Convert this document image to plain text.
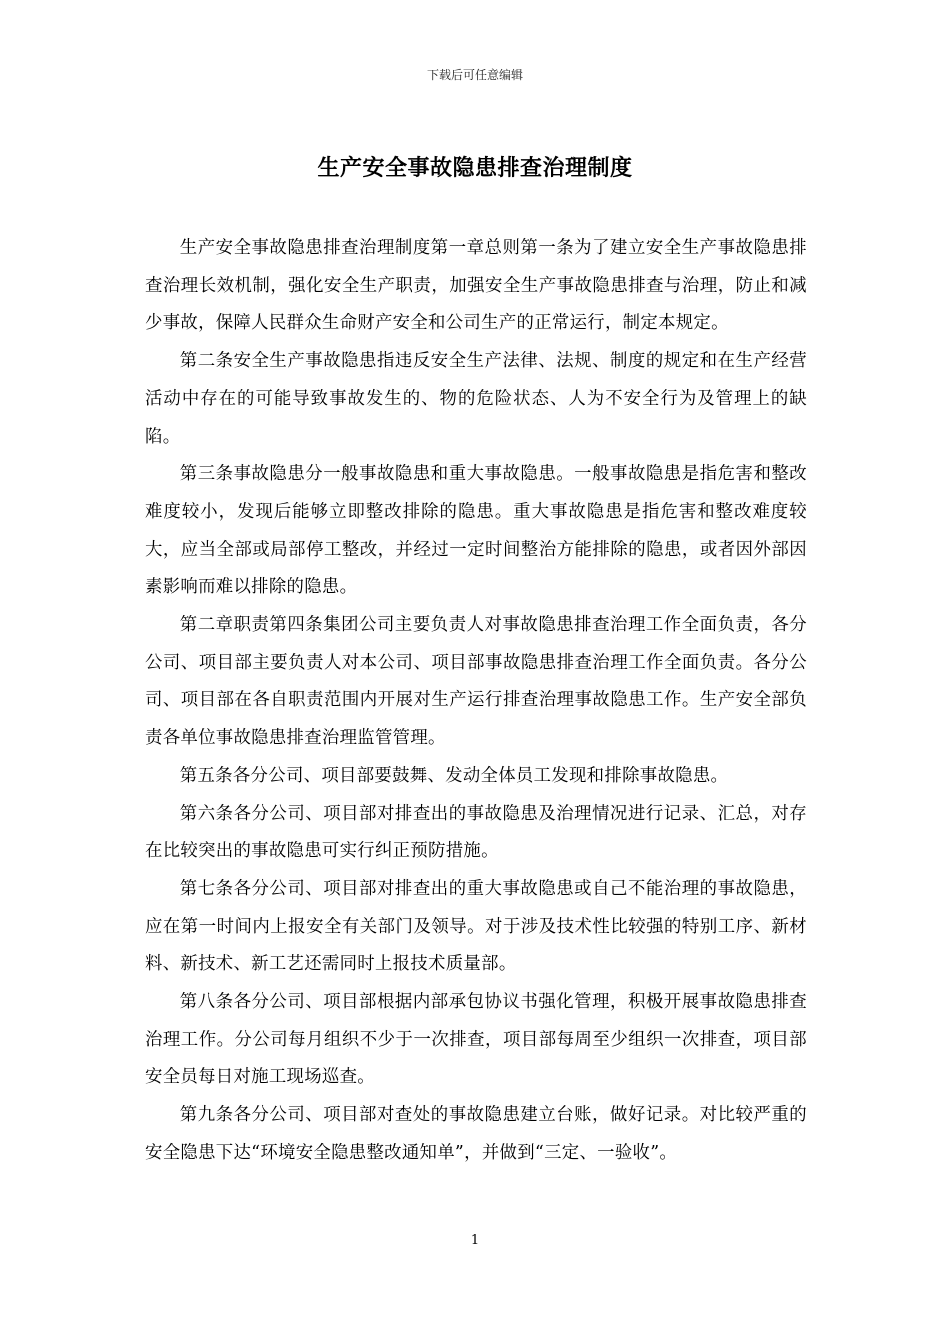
下载后可任意编辑
生产安全事故隐患排查治理制度

生产安全事故隐患排查治理制度第一章总则第一条为了建立安全生产事故隐患排查治理长效机制，强化安全生产职责，加强安全生产事故隐患排查与治理，防止和减少事故，保障人民群众生命财产安全和公司生产的正常运行，制定本规定。

第二条安全生产事故隐患指违反安全生产法律、法规、制度的规定和在生产经营活动中存在的可能导致事故发生的、物的危险状态、人为不安全行为及管理上的缺陷。

第三条事故隐患分一般事故隐患和重大事故隐患。一般事故隐患是指危害和整改难度较小，发现后能够立即整改排除的隐患。重大事故隐患是指危害和整改难度较大，应当全部或局部停工整改，并经过一定时间整治方能排除的隐患，或者因外部因素影响而难以排除的隐患。

第二章职责第四条集团公司主要负责人对事故隐患排查治理工作全面负责，各分公司、项目部主要负责人对本公司、项目部事故隐患排查治理工作全面负责。各分公司、项目部在各自职责范围内开展对生产运行排查治理事故隐患工作。生产安全部负责各单位事故隐患排查治理监管管理。

第五条各分公司、项目部要鼓舞、发动全体员工发现和排除事故隐患。

第六条各分公司、项目部对排查出的事故隐患及治理情况进行记录、汇总，对存在比较突出的事故隐患可实行纠正预防措施。

第七条各分公司、项目部对排查出的重大事故隐患或自己不能治理的事故隐患，应在第一时间内上报安全有关部门及领导。对于涉及技术性比较强的特别工序、新材料、新技术、新工艺还需同时上报技术质量部。

第八条各分公司、项目部根据内部承包协议书强化管理，积极开展事故隐患排查治理工作。分公司每月组织不少于一次排查，项目部每周至少组织一次排查，项目部安全员每日对施工现场巡查。

第九条各分公司、项目部对查处的事故隐患建立台账，做好记录。对比较严重的安全隐患下达“环境安全隐患整改通知单”，并做到“三定、一验收”。

1
